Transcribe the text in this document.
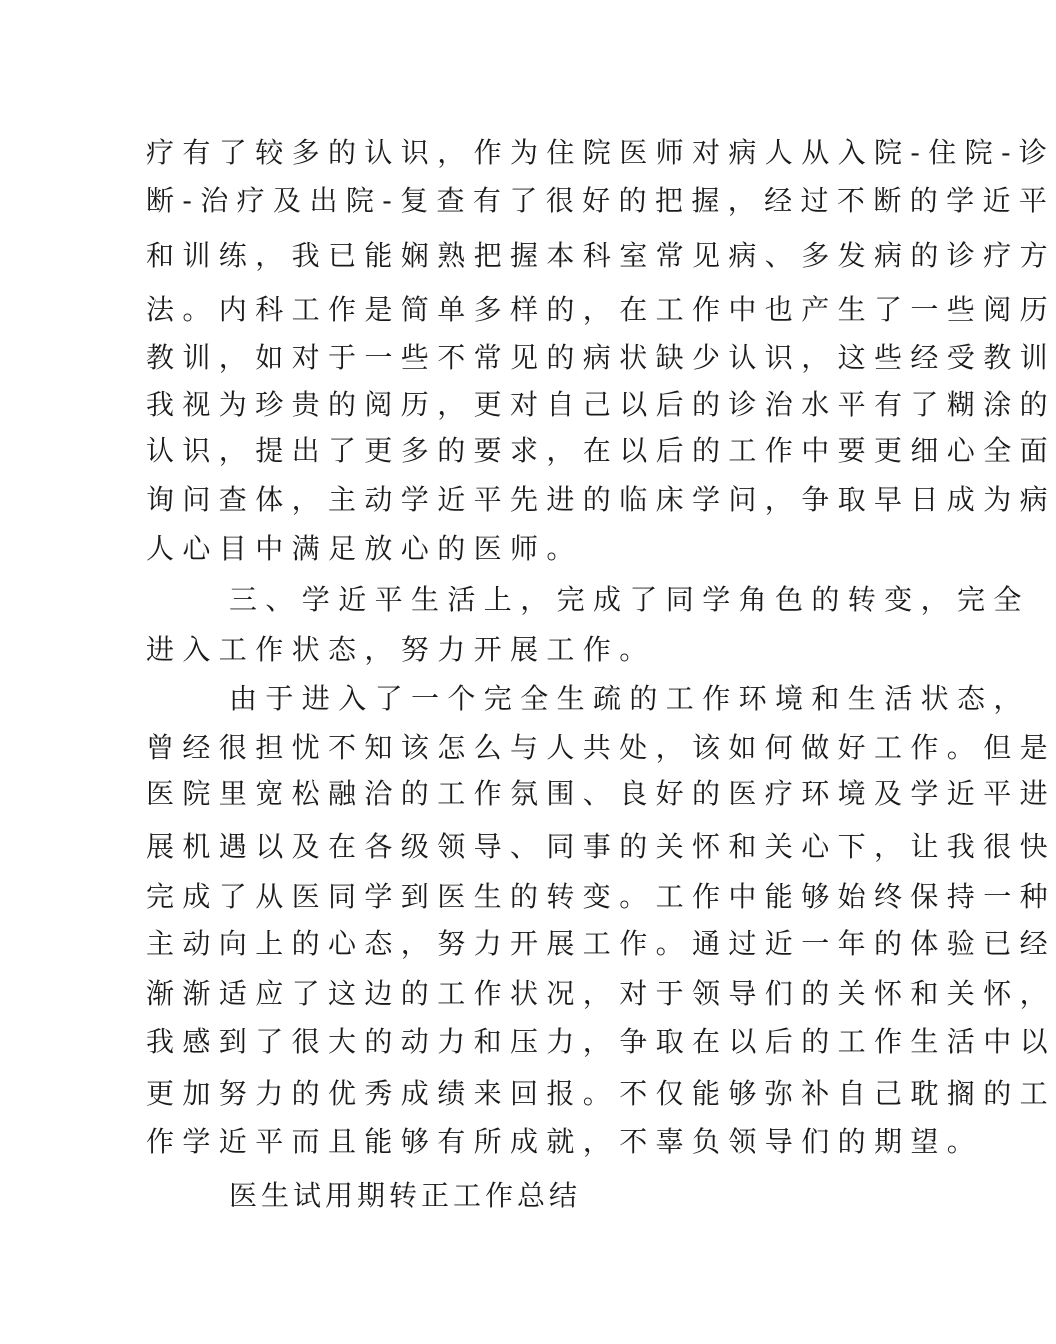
疗有了较多的认识，作为住院医师对病人从入院-住院-诊
断-治疗及出院-复查有了很好的把握，经过不断的学近平
和训练，我已能娴熟把握本科室常见病、多发病的诊疗方
法。内科工作是简单多样的，在工作中也产生了一些阅历
教训，如对于一些不常见的病状缺少认识，这些经受教训
我视为珍贵的阅历，更对自己以后的诊治水平有了糊涂的
认识，提出了更多的要求，在以后的工作中要更细心全面
询问查体，主动学近平先进的临床学问，争取早日成为病
人心目中满足放心的医师。
三、学近平生活上，完成了同学角色的转变，完全
进入工作状态，努力开展工作。
由于进入了一个完全生疏的工作环境和生活状态，
曾经很担忧不知该怎么与人共处，该如何做好工作。但是
医院里宽松融洽的工作氛围、良好的医疗环境及学近平进
展机遇以及在各级领导、同事的关怀和关心下，让我很快
完成了从医同学到医生的转变。工作中能够始终保持一种
主动向上的心态，努力开展工作。通过近一年的体验已经
渐渐适应了这边的工作状况，对于领导们的关怀和关怀，
我感到了很大的动力和压力，争取在以后的工作生活中以
更加努力的优秀成绩来回报。不仅能够弥补自己耽搁的工
作学近平而且能够有所成就，不辜负领导们的期望。
医生试用期转正工作总结
